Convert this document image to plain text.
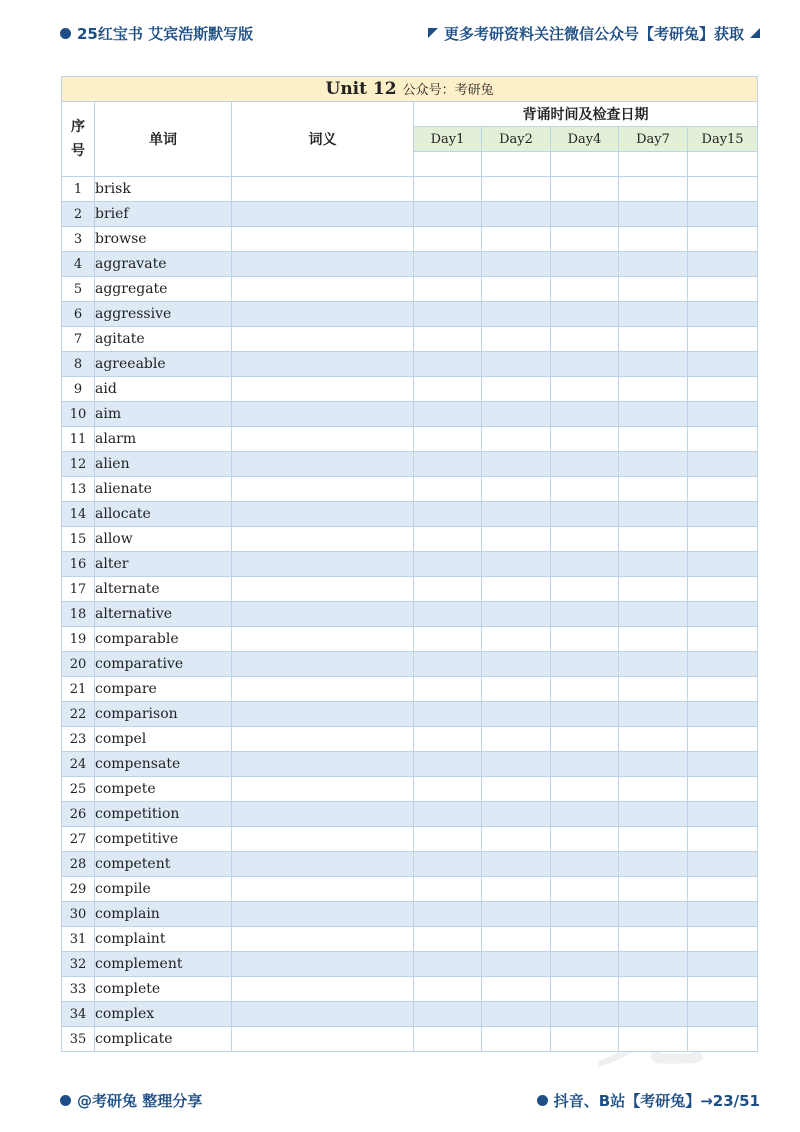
25红宝书 艾宾浩斯默写版	更多考研资料关注微信公众号【考研兔】获取
Unit 12 公众号：考研兔							
序号	单词	词义	背诵时间及检查日期				
			Day1	Day2	Day4	Day7	Day15

1	brisk						
2	brief						
3	browse						
4	aggravate						
5	aggregate						
6	aggressive						
7	agitate						
8	agreeable						
9	aid						
10	aim						
11	alarm						
12	alien						
13	alienate						
14	allocate						
15	allow						
16	alter						
17	alternate						
18	alternative						
19	comparable						
20	comparative						
21	compare						
22	comparison						
23	compel						
24	compensate						
25	compete						
26	competition						
27	competitive						
28	competent						
29	compile						
30	complain						
31	complaint						
32	complement						
33	complete						
34	complex						
35	complicate						
@考研兔 整理分享	抖音、B站【考研兔】→23/51
